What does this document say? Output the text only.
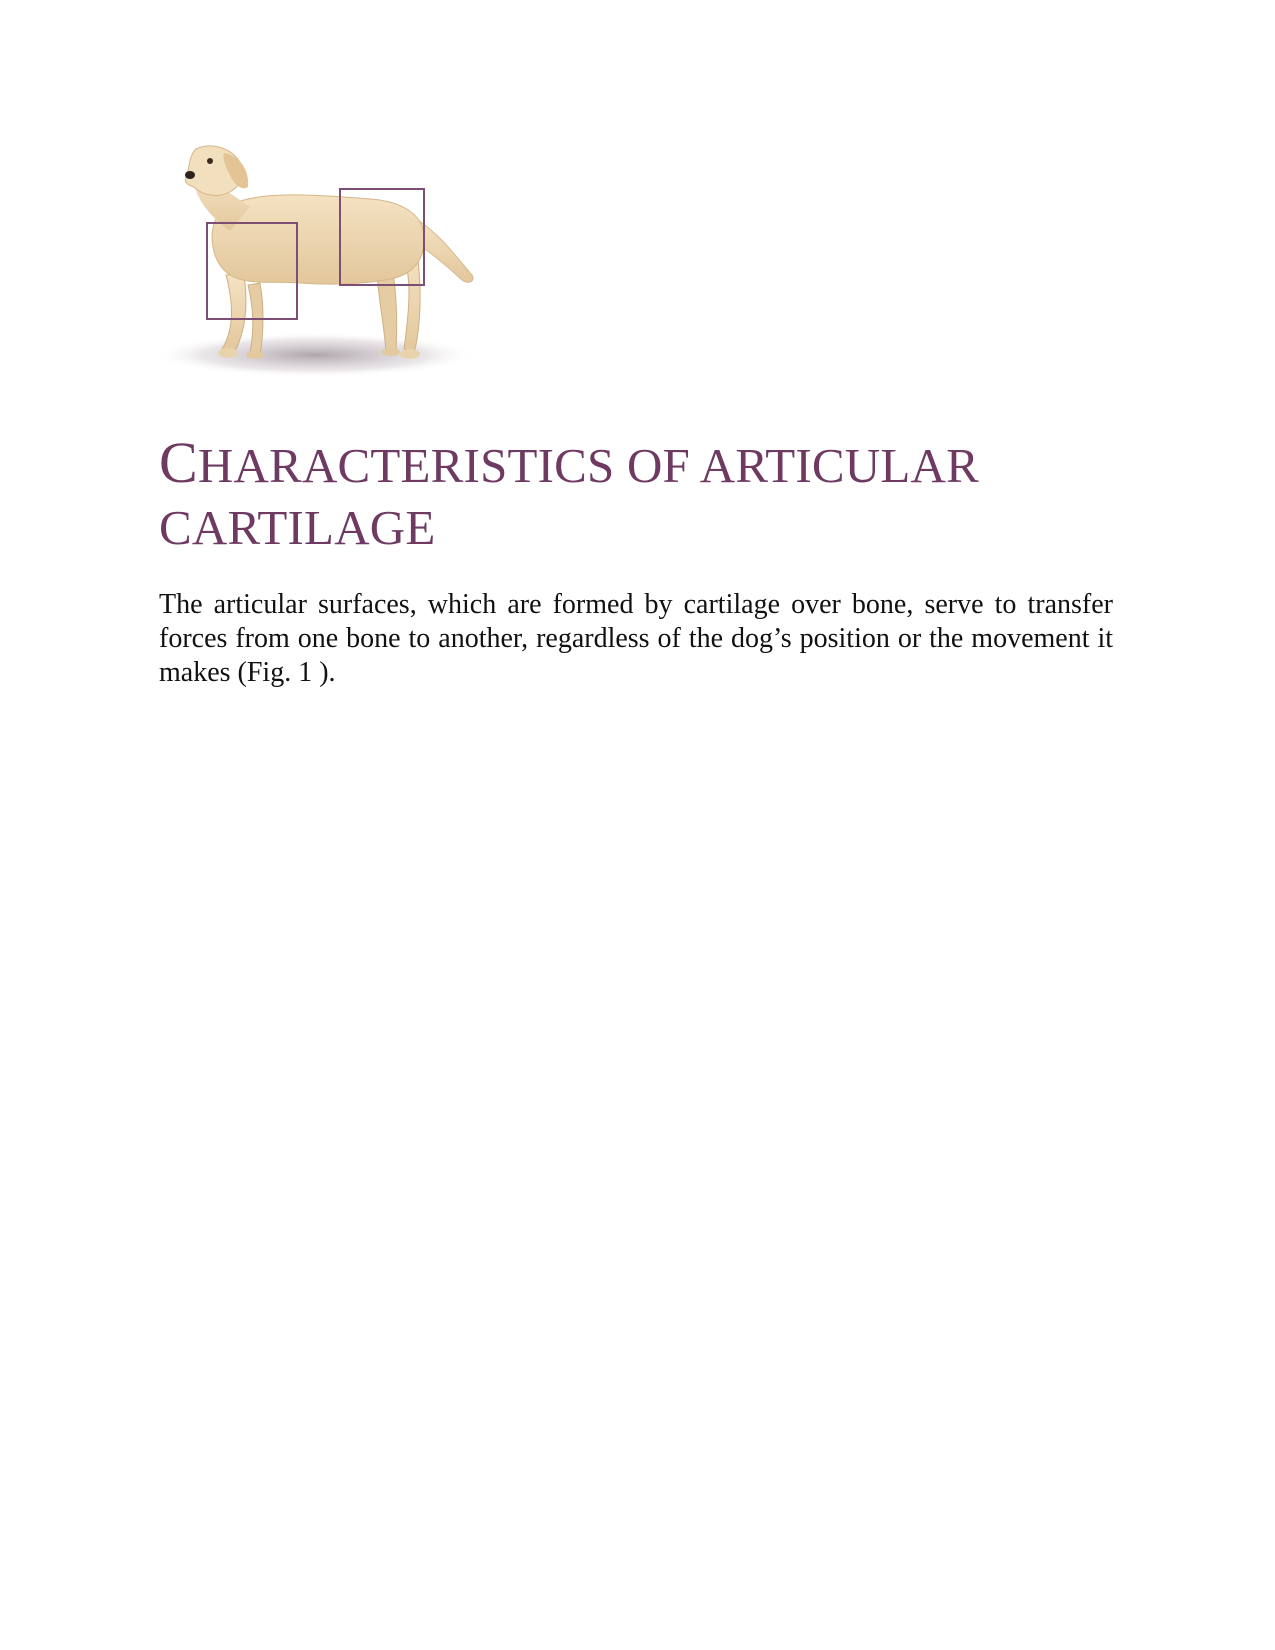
CHARACTERISTICS OF ARTICULAR
CARTILAGE

The articular surfaces, which are formed by cartilage over bone, serve to transfer forces from one bone to another, regardless of the dog’s position or the movement it makes (Fig. 1 ).
